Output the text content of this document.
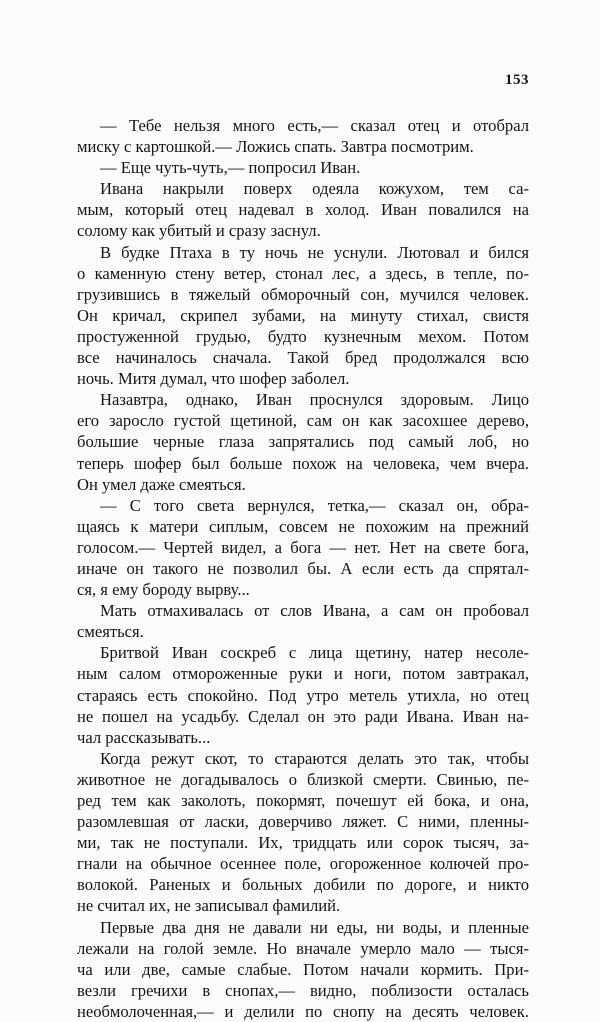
153
— Тебе нельзя много есть,— сказал отец и отобрал
миску с картошкой.— Ложись спать. Завтра посмотрим.
— Еще чуть-чуть,— попросил Иван.
Ивана накрыли поверх одеяла кожухом, тем са-
мым, который отец надевал в холод. Иван повалился на
солому как убитый и сразу заснул.
В будке Птаха в ту ночь не уснули. Лютовал и бился
о каменную стену ветер, стонал лес, а здесь, в тепле, по-
грузившись в тяжелый обморочный сон, мучился человек.
Он кричал, скрипел зубами, на минуту стихал, свистя
простуженной грудью, будто кузнечным мехом. Потом
все начиналось сначала. Такой бред продолжался всю
ночь. Митя думал, что шофер заболел.
Назавтра, однако, Иван проснулся здоровым. Лицо
его заросло густой щетиной, сам он как засохшее дерево,
большие черные глаза запрятались под самый лоб, но
теперь шофер был больше похож на человека, чем вчера.
Он умел даже смеяться.
— С того света вернулся, тетка,— сказал он, обра-
щаясь к матери сиплым, совсем не похожим на прежний
голосом.— Чертей видел, а бога — нет. Нет на свете бога,
иначе он такого не позволил бы. А если есть да спрятал-
ся, я ему бороду вырву...
Мать отмахивалась от слов Ивана, а сам он пробовал
смеяться.
Бритвой Иван соскреб с лица щетину, натер несоле-
ным салом отмороженные руки и ноги, потом завтракал,
стараясь есть спокойно. Под утро метель утихла, но отец
не пошел на усадьбу. Сделал он это ради Ивана. Иван на-
чал рассказывать...
Когда режут скот, то стараются делать это так, чтобы
животное не догадывалось о близкой смерти. Свинью, пе-
ред тем как заколоть, покормят, почешут ей бока, и она,
разомлевшая от ласки, доверчиво ляжет. С ними, пленны-
ми, так не поступали. Их, тридцать или сорок тысяч, за-
гнали на обычное осеннее поле, огороженное колючей про-
волокой. Раненых и больных добили по дороге, и никто
не считал их, не записывал фамилий.
Первые два дня не давали ни еды, ни воды, и пленные
лежали на голой земле. Но вначале умерло мало — тыся-
ча или две, самые слабые. Потом начали кормить. При-
везли гречихи в снопах,— видно, поблизости осталась
необмолоченная,— и делили по снопу на десять человек.
